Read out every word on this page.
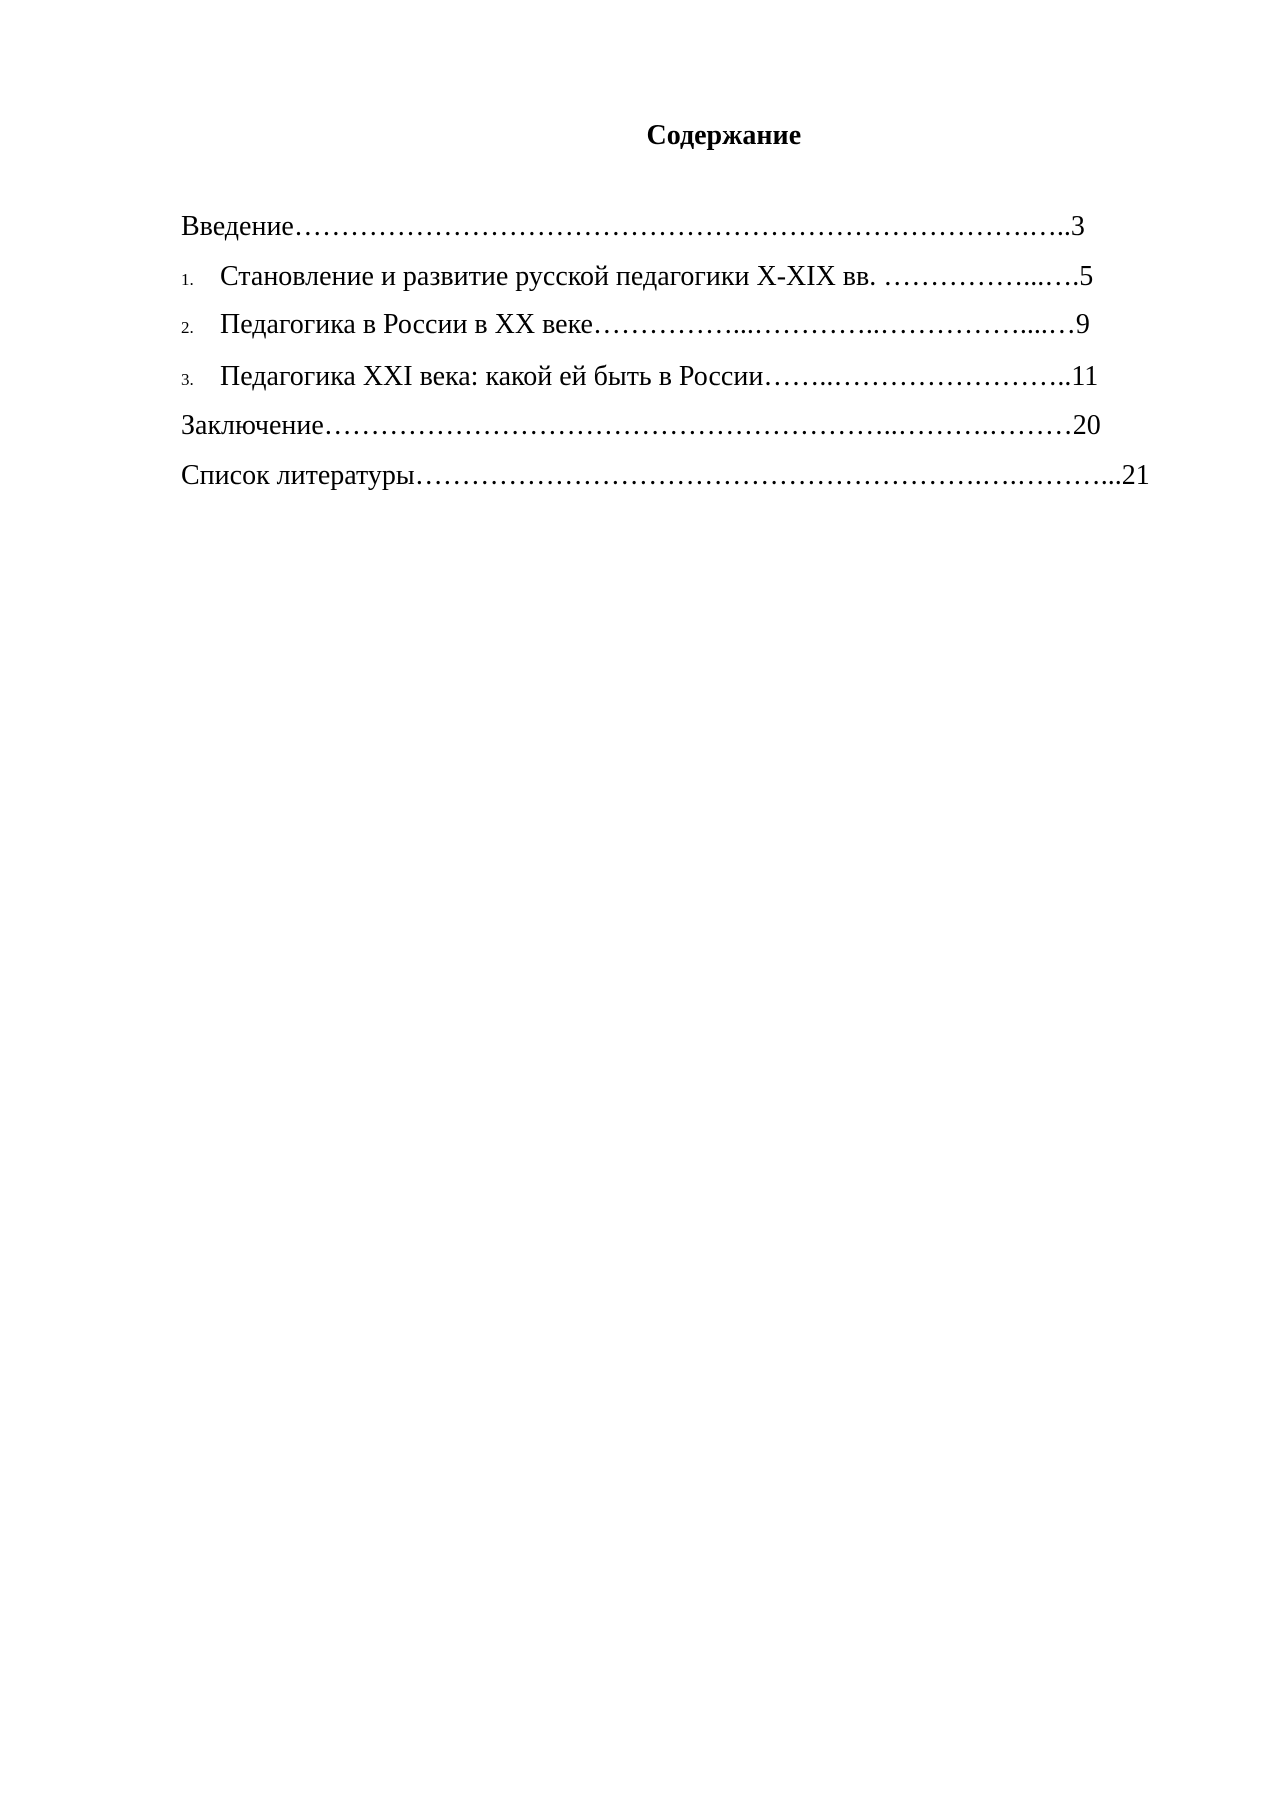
Содержание
Введение…………………………………………………………………….…..3
1. Становление и развитие русской педагогики X-XIX вв. ……………...….5
2. Педагогика в России в XX веке……………...…………..……………....…9
3. Педагогика XXI века: какой ей быть в России……..……………………..11
Заключение……………………………………………………..……….………20
Список литературы…………………………………………………….….………...21
